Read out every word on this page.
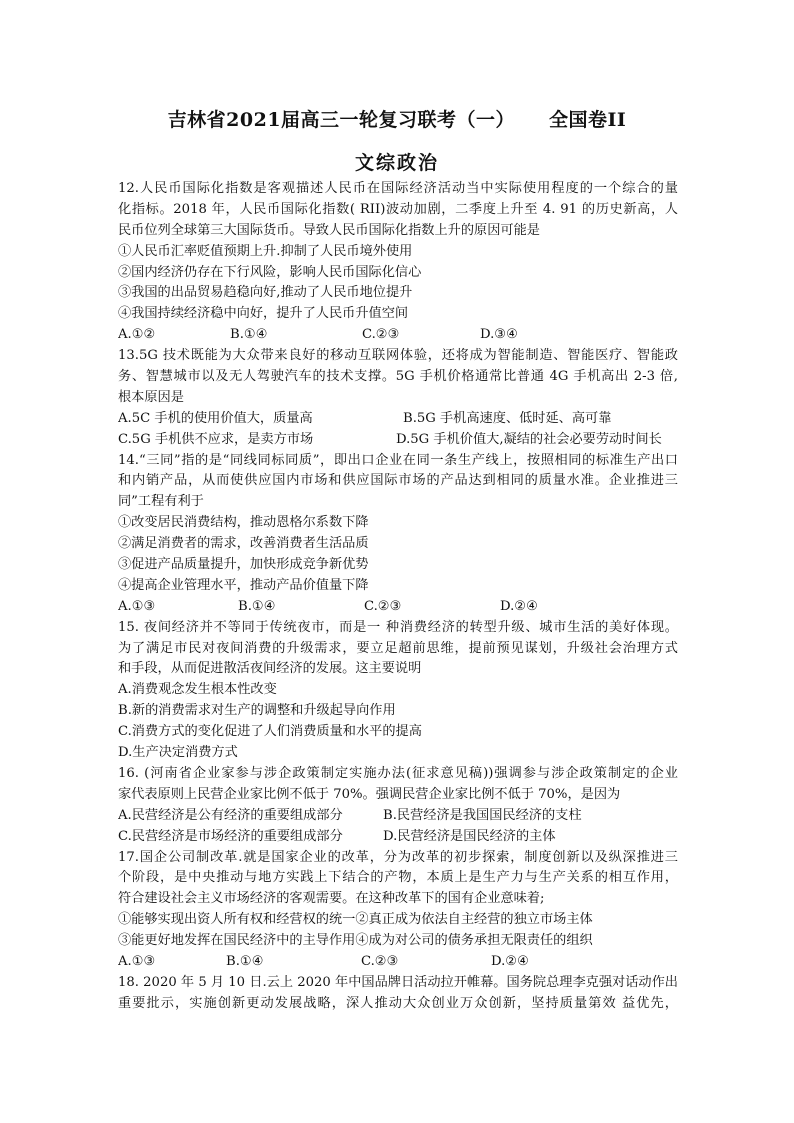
吉林省2021届高三一轮复习联考（一） 全国卷II
文综政治
12.人民币国际化指数是客观描述人民币在国际经济活动当中实际使用程度的一个综合的量
化指标。2018 年，人民币国际化指数( RII)波动加剧，二季度上升至 4. 91 的历史新高，人
民币位列全球第三大国际货币。导致人民币国际化指数上升的原因可能是
①人民币汇率贬值预期上升.抑制了人民币境外使用
②国内经济仍存在下行风险，影响人民币国际化信心
③我国的出品贸易趋稳向好,推动了人民币地位提升
④我国持续经济稳中向好，提升了人民币升值空间
A.①②	B.①④	C.②③	D.③④
13.5G 技术既能为大众带来良好的移动互联网体验，还将成为智能制造、智能医疗、智能政
务、智慧城市以及无人驾驶汽车的技术支撑。5G 手机价格通常比普通 4G 手机高出 2-3 倍,
根本原因是
A.5C 手机的使用价值大，质量高	B.5G 手机高速度、低时延、高可靠
C.5G 手机供不应求，是卖方市场	D.5G 手机价值大,凝结的社会必要劳动时间长
14.“三同”指的是“同线同标同质”，即出口企业在同一条生产线上，按照相同的标准生产出口
和内销产品，从而使供应国内市场和供应国际市场的产品达到相同的质量水准。企业推进三
同”工程有利于
①改变居民消费结构，推动恩格尔系数下降
②满足消费者的需求，改善消费者生活品质
③促进产品质量提升，加快形成竞争新优势
④提高企业管理水平，推动产品价值量下降
A.①③	B.①④	C.②③	D.②④
15. 夜间经济并不等同于传统夜市，而是一 种消费经济的转型升级、城市生活的美好体现。
为了满足市民对夜间消费的升级需求，要立足超前思维，提前预见谋划，升级社会治理方式
和手段，从而促进散活夜间经济的发展。这主要说明
A.消费观念发生根本性改变
B.新的消费需求对生产的调整和升级起导向作用
C.消费方式的变化促进了人们消费质量和水平的提高
D.生产决定消费方式
16. (河南省企业家参与涉企政策制定实施办法(征求意见稿))强调参与涉企政策制定的企业
家代表原则上民营企业家比例不低于 70%。强调民营企业家比例不低于 70%，是因为
A.民营经济是公有经济的重要组成部分	B.民营经济是我国国民经济的支柱
C.民营经济是市场经济的重要组成部分	D.民营经济是国民经济的主体
17.国企公司制改革.就是国家企业的改革，分为改革的初步探索，制度创新以及纵深推进三
个阶段，是中央推动与地方实践上下结合的产物，本质上是生产力与生产关系的相互作用，
符合建设社会主义市场经济的客观需要。在这种改革下的国有企业意味着;
①能够实现出资人所有权和经营权的统一②真正成为依法自主经营的独立市场主体
③能更好地发挥在国民经济中的主导作用④成为对公司的债务承担无限责任的组织
A.①③	B.①④	C.②③	D.②④
18. 2020 年 5 月 10 日.云上 2020 年中国品牌日活动拉开帷幕。国务院总理李克强对话动作出
重要批示，实施创新更动发展战略，深人推动大众创业万众创新，坚持质量第效 益优先，
